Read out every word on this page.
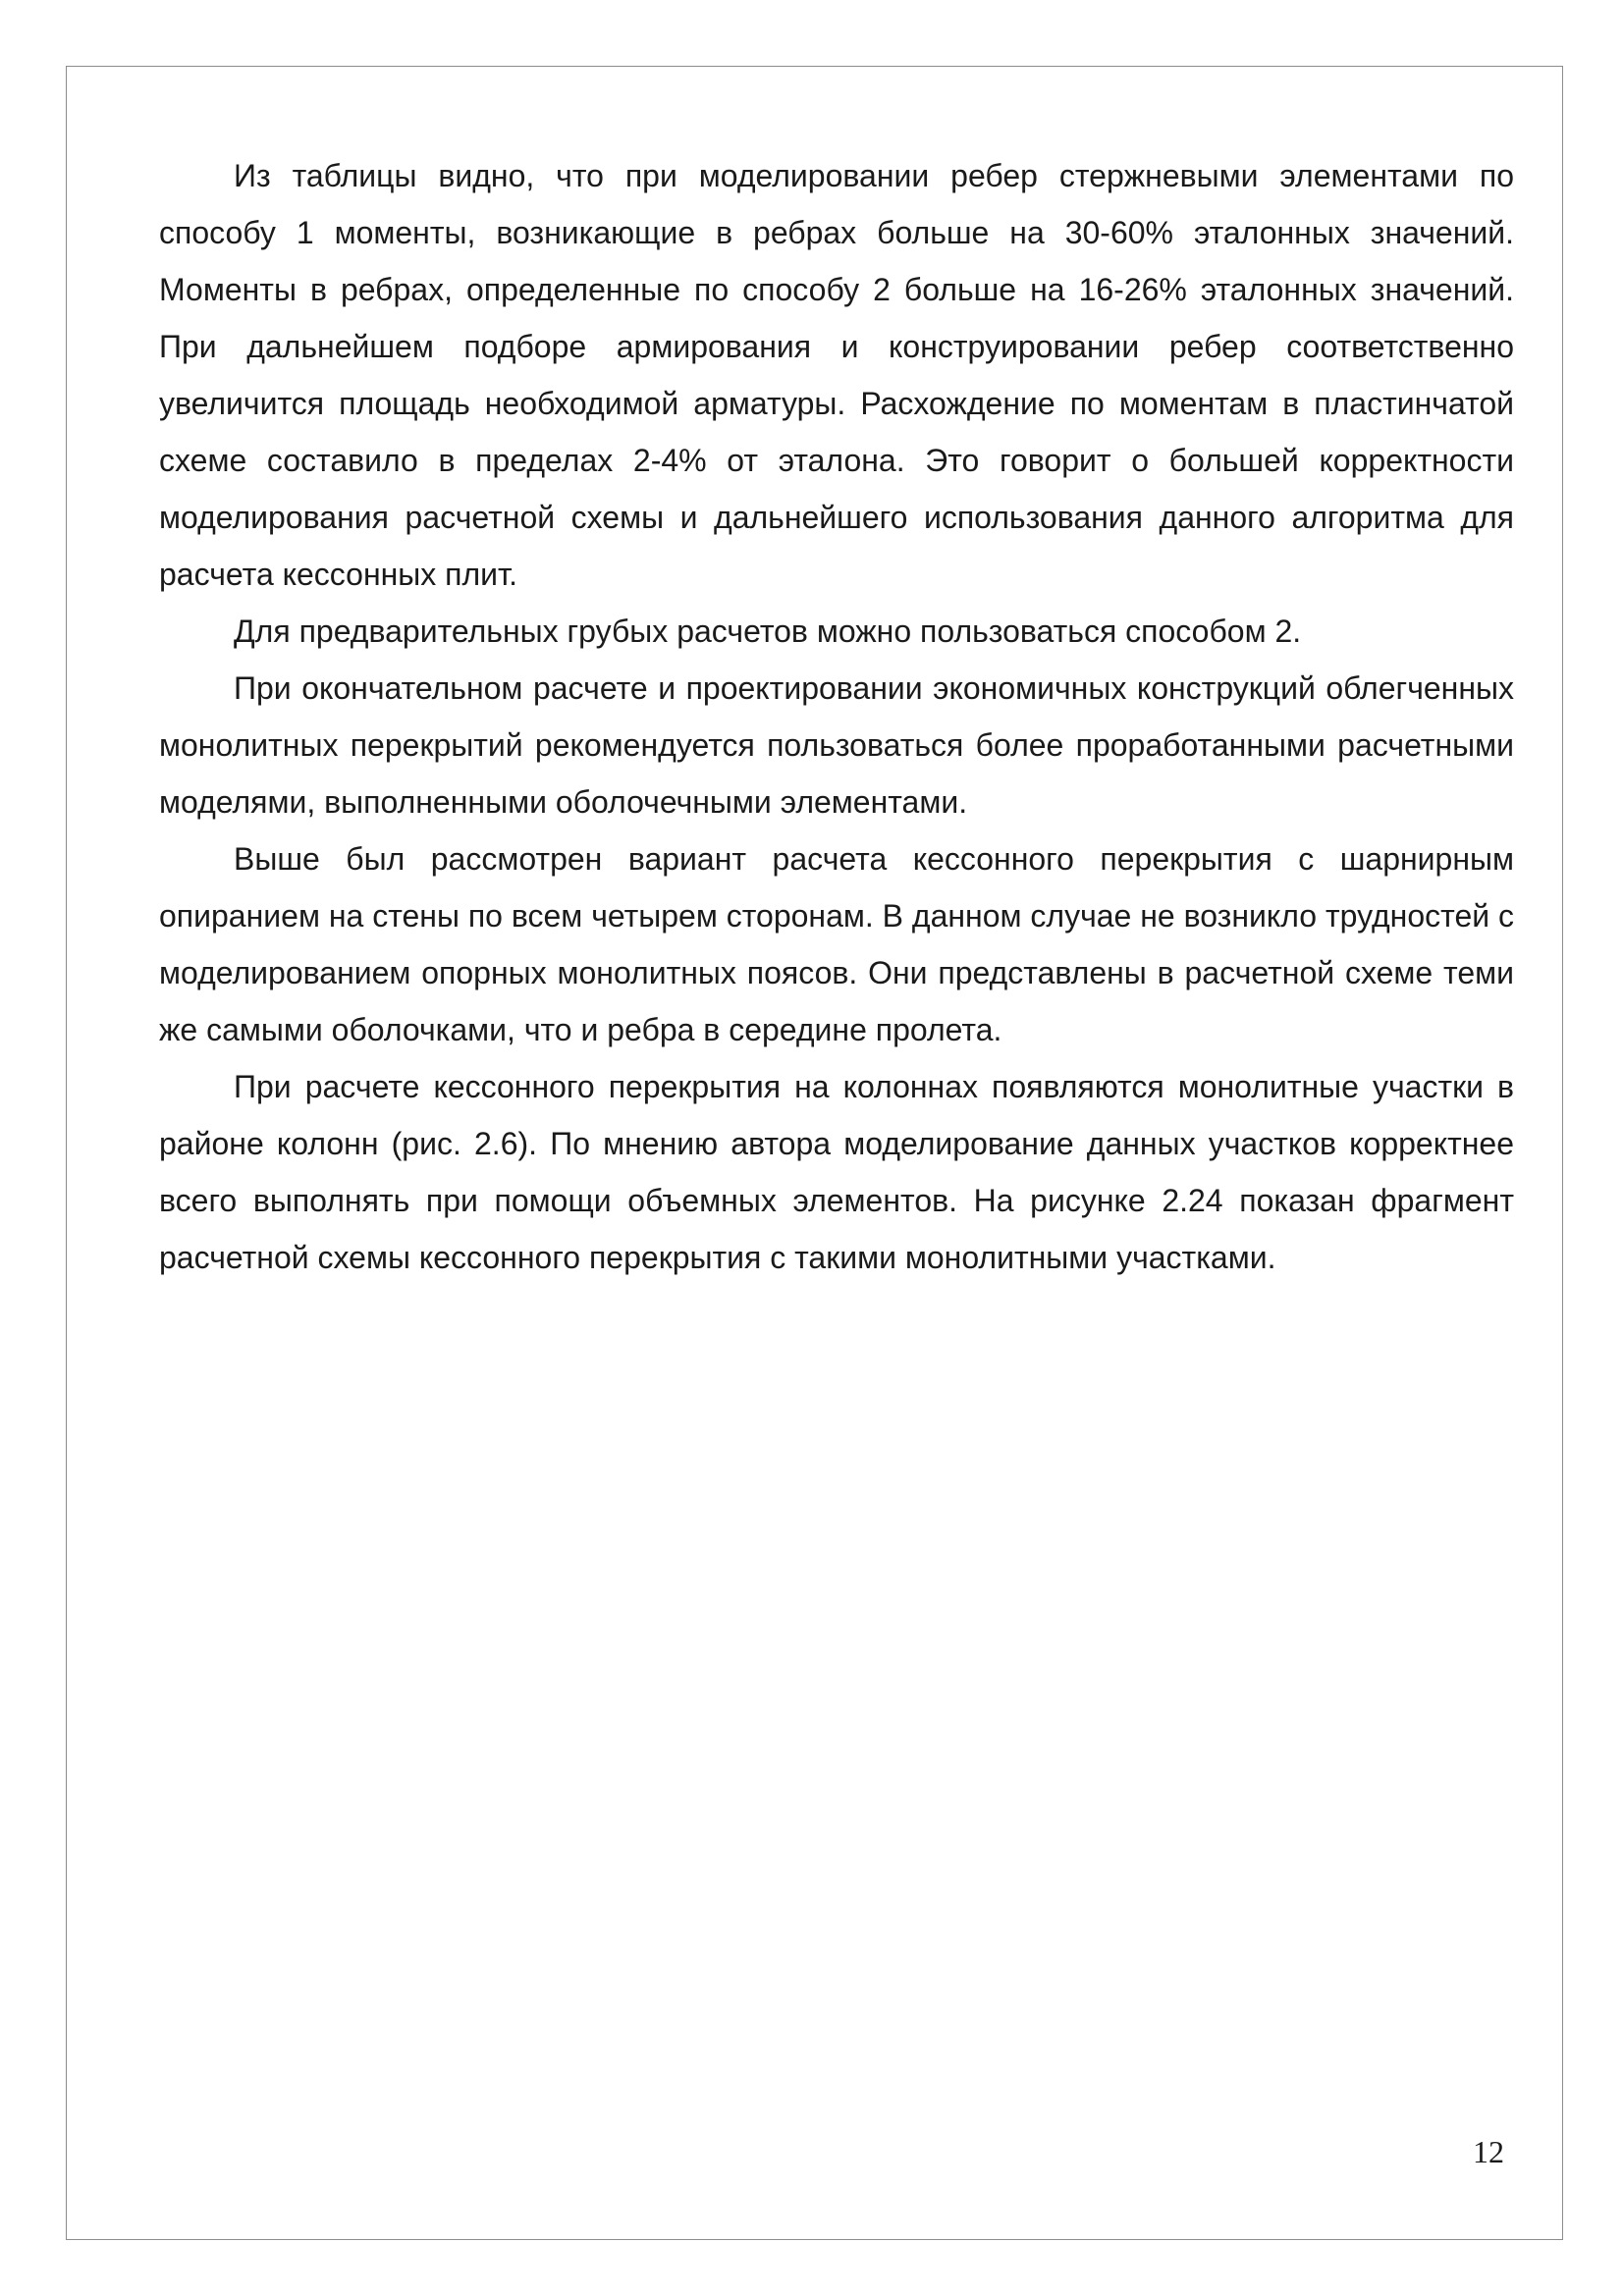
Из таблицы видно, что при моделировании ребер стержневыми элементами по способу 1 моменты, возникающие в ребрах больше на 30-60% эталонных значений. Моменты в ребрах, определенные по способу 2 больше на 16-26% эталонных значений. При дальнейшем подборе армирования и конструировании ребер соответственно увеличится площадь необходимой арматуры. Расхождение по моментам в пластинчатой схеме составило в пределах 2-4% от эталона. Это говорит о большей корректности моделирования расчетной схемы и дальнейшего использования данного алгоритма для расчета кессонных плит.

Для предварительных грубых расчетов можно пользоваться способом 2.

При окончательном расчете и проектировании экономичных конструкций облегченных монолитных перекрытий рекомендуется пользоваться более проработанными расчетными моделями, выполненными оболочечными элементами.

Выше был рассмотрен вариант расчета кессонного перекрытия с шарнирным опиранием на стены по всем четырем сторонам. В данном случае не возникло трудностей с моделированием опорных монолитных поясов. Они представлены в расчетной схеме теми же самыми оболочками, что и ребра в середине пролета.

При расчете кессонного перекрытия на колоннах появляются монолитные участки в районе колонн (рис. 2.6). По мнению автора моделирование данных участков корректнее всего выполнять при помощи объемных элементов. На рисунке 2.24 показан фрагмент расчетной схемы кессонного перекрытия с такими монолитными участками.

12
